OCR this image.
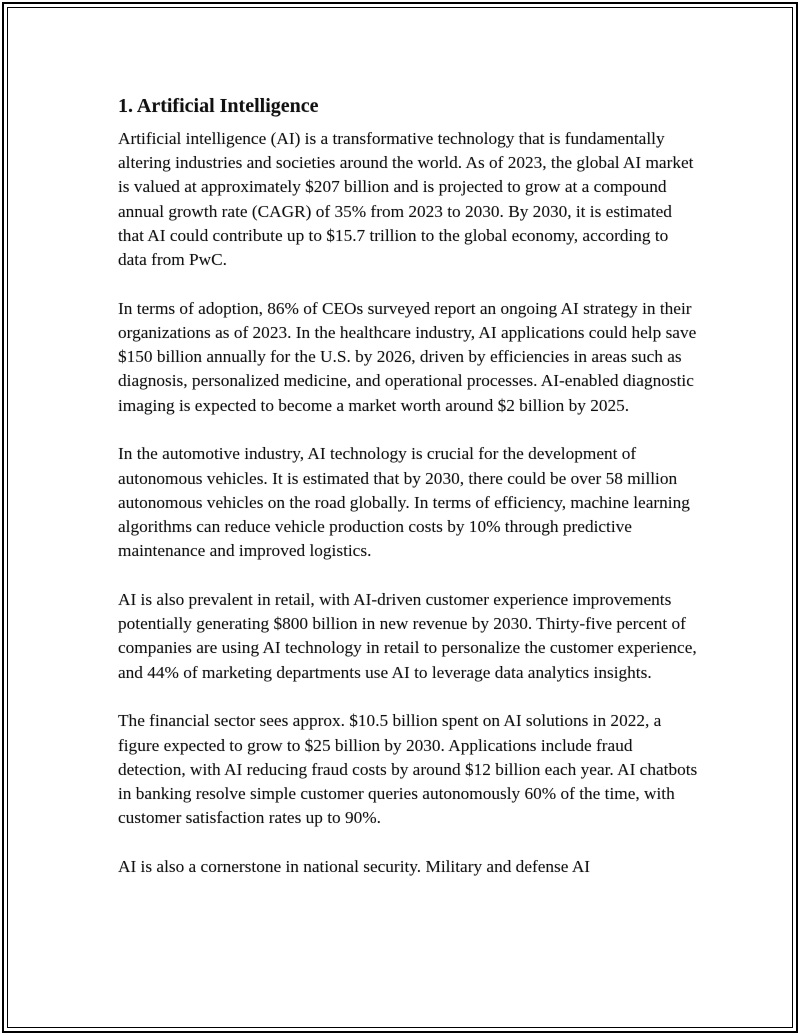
1. Artificial Intelligence

Artificial intelligence (AI) is a transformative technology that is fundamentally altering industries and societies around the world. As of 2023, the global AI market is valued at approximately $207 billion and is projected to grow at a compound annual growth rate (CAGR) of 35% from 2023 to 2030. By 2030, it is estimated that AI could contribute up to $15.7 trillion to the global economy, according to data from PwC.

In terms of adoption, 86% of CEOs surveyed report an ongoing AI strategy in their organizations as of 2023. In the healthcare industry, AI applications could help save $150 billion annually for the U.S. by 2026, driven by efficiencies in areas such as diagnosis, personalized medicine, and operational processes. AI-enabled diagnostic imaging is expected to become a market worth around $2 billion by 2025.

In the automotive industry, AI technology is crucial for the development of autonomous vehicles. It is estimated that by 2030, there could be over 58 million autonomous vehicles on the road globally. In terms of efficiency, machine learning algorithms can reduce vehicle production costs by 10% through predictive maintenance and improved logistics.

AI is also prevalent in retail, with AI-driven customer experience improvements potentially generating $800 billion in new revenue by 2030. Thirty-five percent of companies are using AI technology in retail to personalize the customer experience, and 44% of marketing departments use AI to leverage data analytics insights.

The financial sector sees approx. $10.5 billion spent on AI solutions in 2022, a figure expected to grow to $25 billion by 2030. Applications include fraud detection, with AI reducing fraud costs by around $12 billion each year. AI chatbots in banking resolve simple customer queries autonomously 60% of the time, with customer satisfaction rates up to 90%.

AI is also a cornerstone in national security. Military and defense AI
